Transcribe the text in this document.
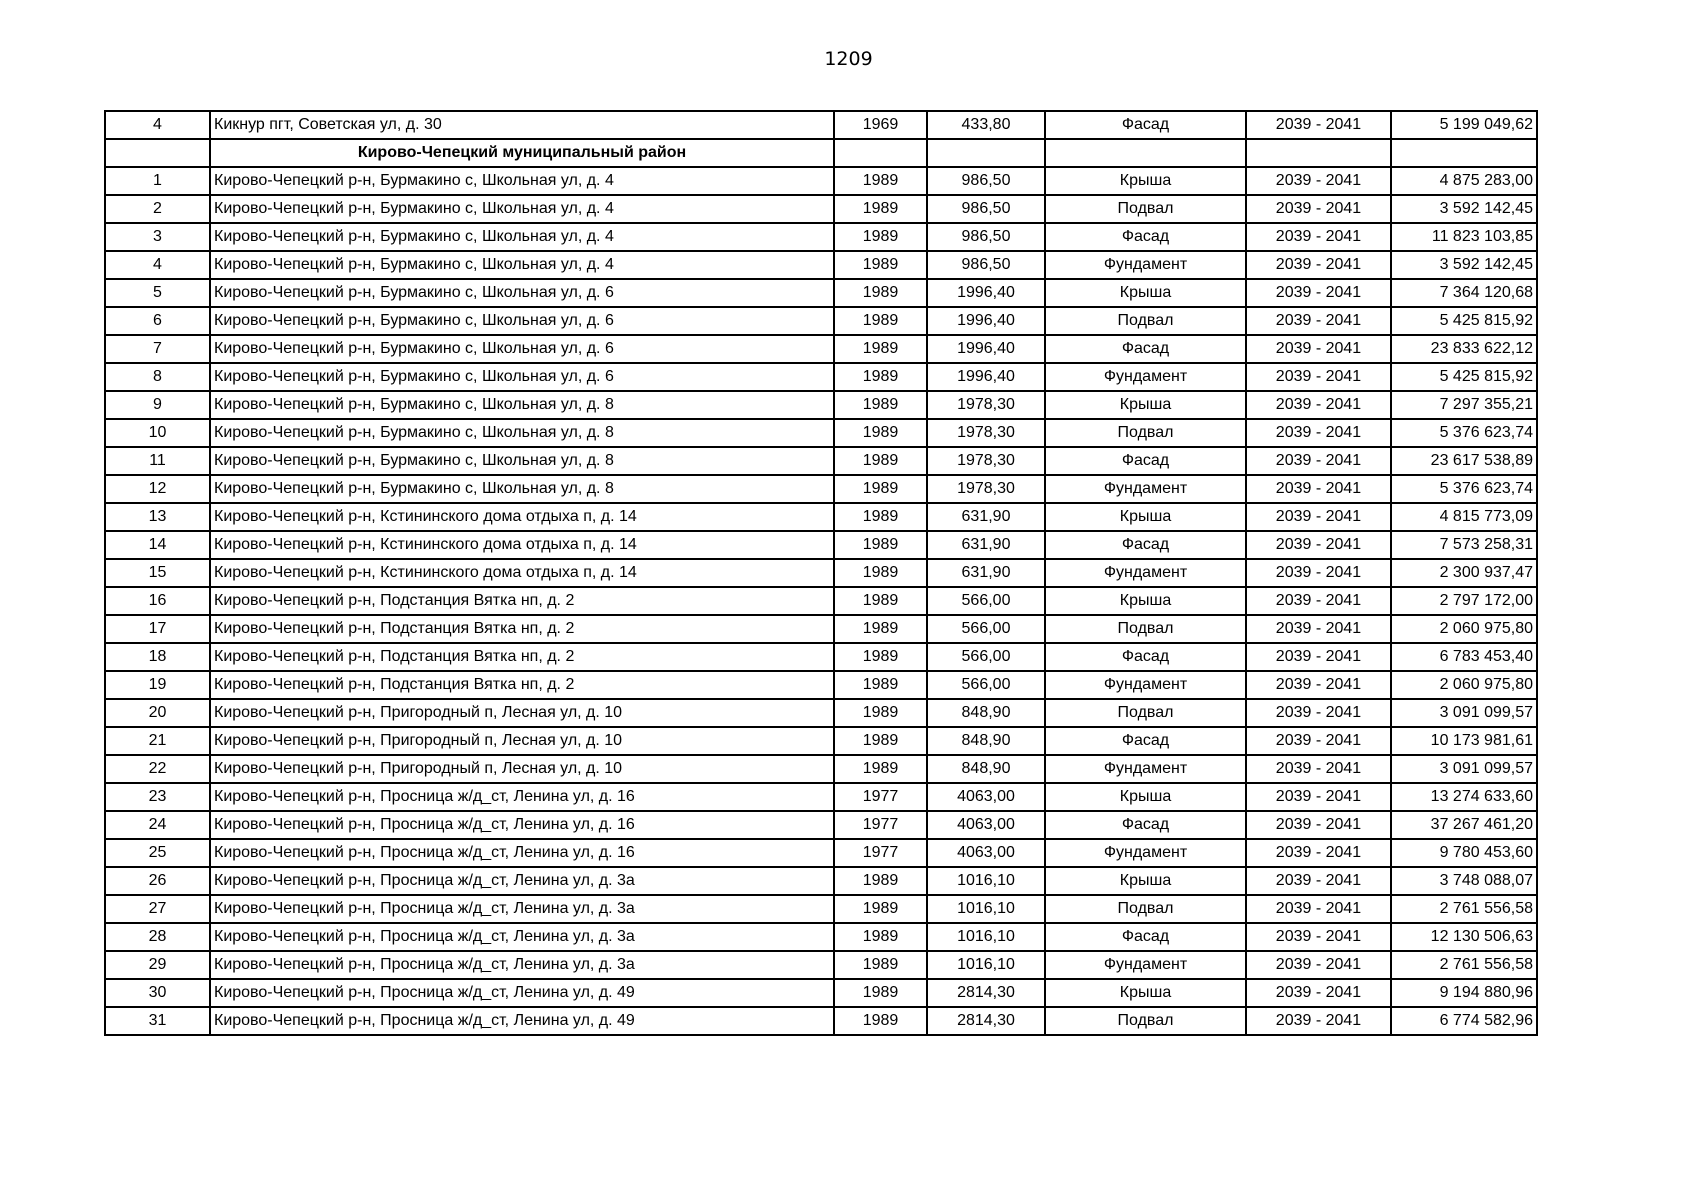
1209
4	Кикнур пгт, Советская ул, д. 30	1969	433,80	Фасад	2039 - 2041	5 199 049,62
	Кирово-Чепецкий муниципальный район					
1	Кирово-Чепецкий р-н, Бурмакино с, Школьная ул, д. 4	1989	986,50	Крыша	2039 - 2041	4 875 283,00
2	Кирово-Чепецкий р-н, Бурмакино с, Школьная ул, д. 4	1989	986,50	Подвал	2039 - 2041	3 592 142,45
3	Кирово-Чепецкий р-н, Бурмакино с, Школьная ул, д. 4	1989	986,50	Фасад	2039 - 2041	11 823 103,85
4	Кирово-Чепецкий р-н, Бурмакино с, Школьная ул, д. 4	1989	986,50	Фундамент	2039 - 2041	3 592 142,45
5	Кирово-Чепецкий р-н, Бурмакино с, Школьная ул, д. 6	1989	1996,40	Крыша	2039 - 2041	7 364 120,68
6	Кирово-Чепецкий р-н, Бурмакино с, Школьная ул, д. 6	1989	1996,40	Подвал	2039 - 2041	5 425 815,92
7	Кирово-Чепецкий р-н, Бурмакино с, Школьная ул, д. 6	1989	1996,40	Фасад	2039 - 2041	23 833 622,12
8	Кирово-Чепецкий р-н, Бурмакино с, Школьная ул, д. 6	1989	1996,40	Фундамент	2039 - 2041	5 425 815,92
9	Кирово-Чепецкий р-н, Бурмакино с, Школьная ул, д. 8	1989	1978,30	Крыша	2039 - 2041	7 297 355,21
10	Кирово-Чепецкий р-н, Бурмакино с, Школьная ул, д. 8	1989	1978,30	Подвал	2039 - 2041	5 376 623,74
11	Кирово-Чепецкий р-н, Бурмакино с, Школьная ул, д. 8	1989	1978,30	Фасад	2039 - 2041	23 617 538,89
12	Кирово-Чепецкий р-н, Бурмакино с, Школьная ул, д. 8	1989	1978,30	Фундамент	2039 - 2041	5 376 623,74
13	Кирово-Чепецкий р-н, Кстининского дома отдыха п, д. 14	1989	631,90	Крыша	2039 - 2041	4 815 773,09
14	Кирово-Чепецкий р-н, Кстининского дома отдыха п, д. 14	1989	631,90	Фасад	2039 - 2041	7 573 258,31
15	Кирово-Чепецкий р-н, Кстининского дома отдыха п, д. 14	1989	631,90	Фундамент	2039 - 2041	2 300 937,47
16	Кирово-Чепецкий р-н, Подстанция Вятка нп, д. 2	1989	566,00	Крыша	2039 - 2041	2 797 172,00
17	Кирово-Чепецкий р-н, Подстанция Вятка нп, д. 2	1989	566,00	Подвал	2039 - 2041	2 060 975,80
18	Кирово-Чепецкий р-н, Подстанция Вятка нп, д. 2	1989	566,00	Фасад	2039 - 2041	6 783 453,40
19	Кирово-Чепецкий р-н, Подстанция Вятка нп, д. 2	1989	566,00	Фундамент	2039 - 2041	2 060 975,80
20	Кирово-Чепецкий р-н, Пригородный п, Лесная ул, д. 10	1989	848,90	Подвал	2039 - 2041	3 091 099,57
21	Кирово-Чепецкий р-н, Пригородный п, Лесная ул, д. 10	1989	848,90	Фасад	2039 - 2041	10 173 981,61
22	Кирово-Чепецкий р-н, Пригородный п, Лесная ул, д. 10	1989	848,90	Фундамент	2039 - 2041	3 091 099,57
23	Кирово-Чепецкий р-н, Просница ж/д_ст, Ленина ул, д. 16	1977	4063,00	Крыша	2039 - 2041	13 274 633,60
24	Кирово-Чепецкий р-н, Просница ж/д_ст, Ленина ул, д. 16	1977	4063,00	Фасад	2039 - 2041	37 267 461,20
25	Кирово-Чепецкий р-н, Просница ж/д_ст, Ленина ул, д. 16	1977	4063,00	Фундамент	2039 - 2041	9 780 453,60
26	Кирово-Чепецкий р-н, Просница ж/д_ст, Ленина ул, д. 3а	1989	1016,10	Крыша	2039 - 2041	3 748 088,07
27	Кирово-Чепецкий р-н, Просница ж/д_ст, Ленина ул, д. 3а	1989	1016,10	Подвал	2039 - 2041	2 761 556,58
28	Кирово-Чепецкий р-н, Просница ж/д_ст, Ленина ул, д. 3а	1989	1016,10	Фасад	2039 - 2041	12 130 506,63
29	Кирово-Чепецкий р-н, Просница ж/д_ст, Ленина ул, д. 3а	1989	1016,10	Фундамент	2039 - 2041	2 761 556,58
30	Кирово-Чепецкий р-н, Просница ж/д_ст, Ленина ул, д. 49	1989	2814,30	Крыша	2039 - 2041	9 194 880,96
31	Кирово-Чепецкий р-н, Просница ж/д_ст, Ленина ул, д. 49	1989	2814,30	Подвал	2039 - 2041	6 774 582,96
